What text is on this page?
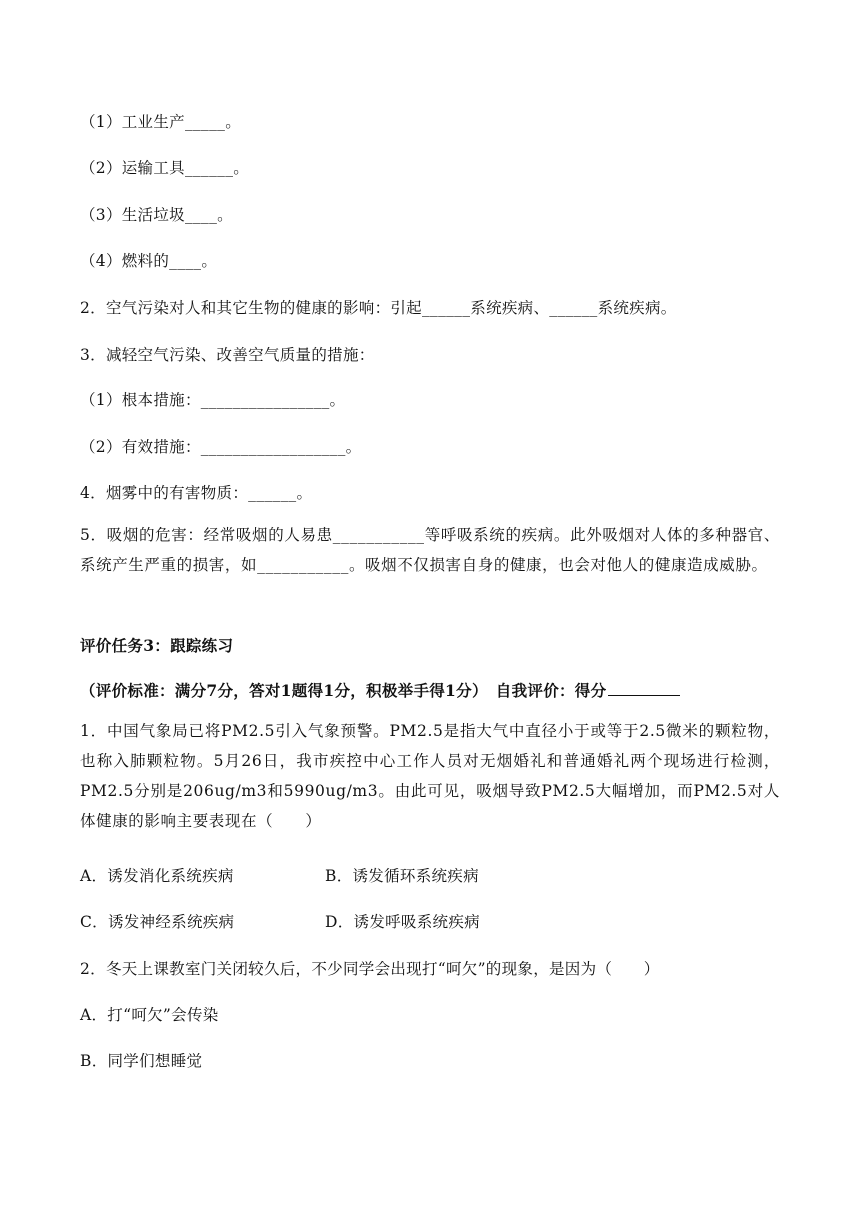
（1）工业生产_____。
（2）运输工具______。
（3）生活垃圾____。
（4）燃料的____。
2．空气污染对人和其它生物的健康的影响：引起______系统疾病、______系统疾病。
3．减轻空气污染、改善空气质量的措施：
（1）根本措施：________________。
（2）有效措施：__________________。
4．烟雾中的有害物质：______。
5．吸烟的危害：经常吸烟的人易患___________等呼吸系统的疾病。此外吸烟对人体的多种器官、系统产生严重的损害，如___________。吸烟不仅损害自身的健康，也会对他人的健康造成威胁。
评价任务3：跟踪练习
（评价标准：满分7分，答对1题得1分，积极举手得1分）　自我评价：得分
1．中国气象局已将PM2.5引入气象预警。PM2.5是指大气中直径小于或等于2.5微米的颗粒物，也称入肺颗粒物。5月26日，我市疾控中心工作人员对无烟婚礼和普通婚礼两个现场进行检测，PM2.5分别是206ug/m3和5990ug/m3。由此可见，吸烟导致PM2.5大幅增加，而PM2.5对人体健康的影响主要表现在（　　）
A．诱发消化系统疾病	B．诱发循环系统疾病
C．诱发神经系统疾病	D．诱发呼吸系统疾病
2．冬天上课教室门关闭较久后，不少同学会出现打“呵欠”的现象，是因为（　　）
A．打“呵欠”会传染
B．同学们想睡觉
